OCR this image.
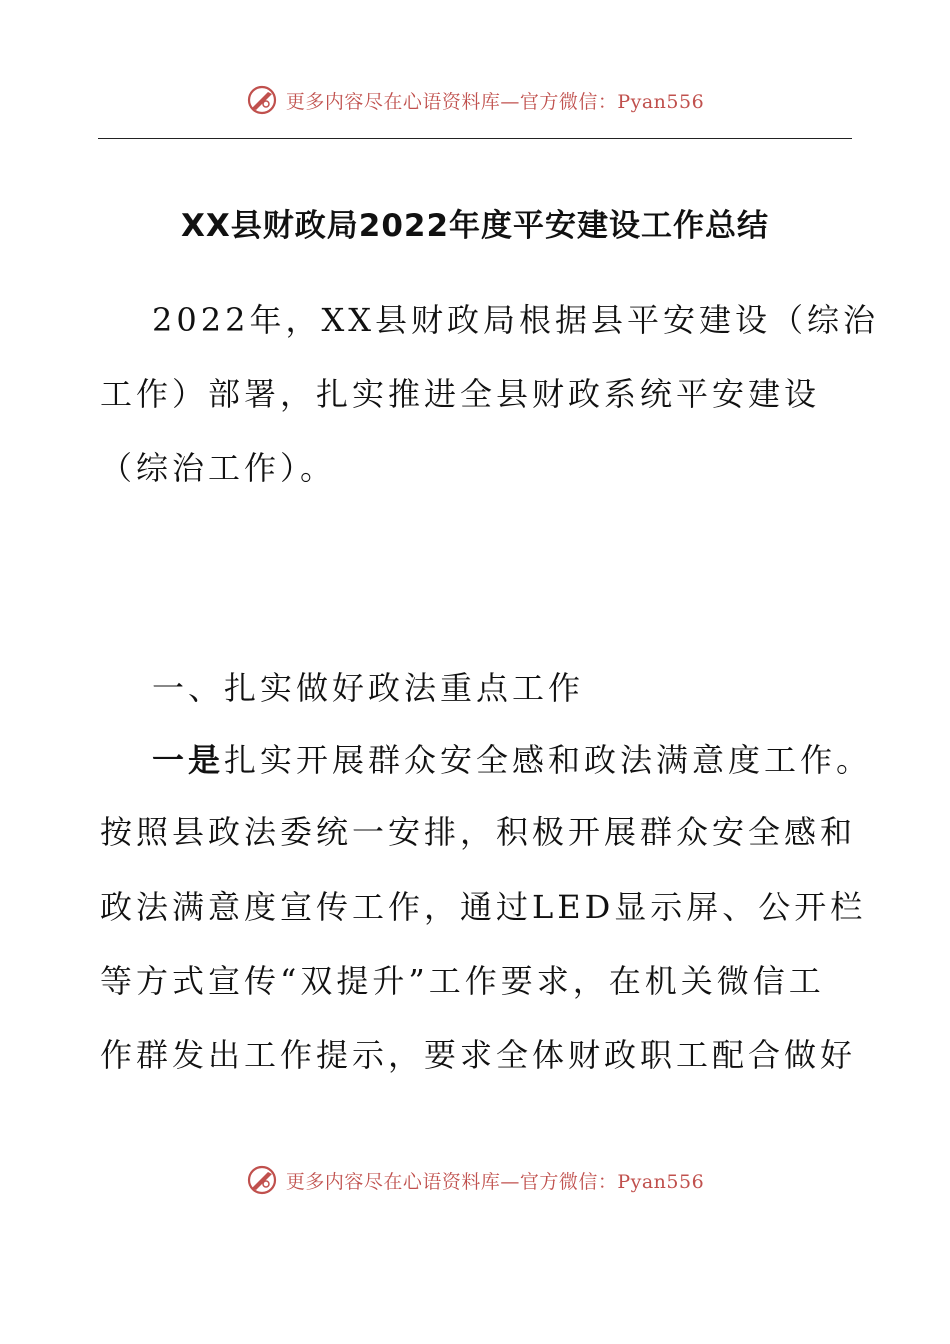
更多内容尽在心语资料库—官方微信：Pyan556
XX县财政局2022年度平安建设工作总结
2022年，XX县财政局根据县平安建设（综治
工作）部署，扎实推进全县财政系统平安建设
（综治工作）。
一、扎实做好政法重点工作
一是扎实开展群众安全感和政法满意度工作。
按照县政法委统一安排，积极开展群众安全感和
政法满意度宣传工作，通过LED显示屏、公开栏
等方式宣传“双提升”工作要求，在机关微信工
作群发出工作提示，要求全体财政职工配合做好
更多内容尽在心语资料库—官方微信：Pyan556
